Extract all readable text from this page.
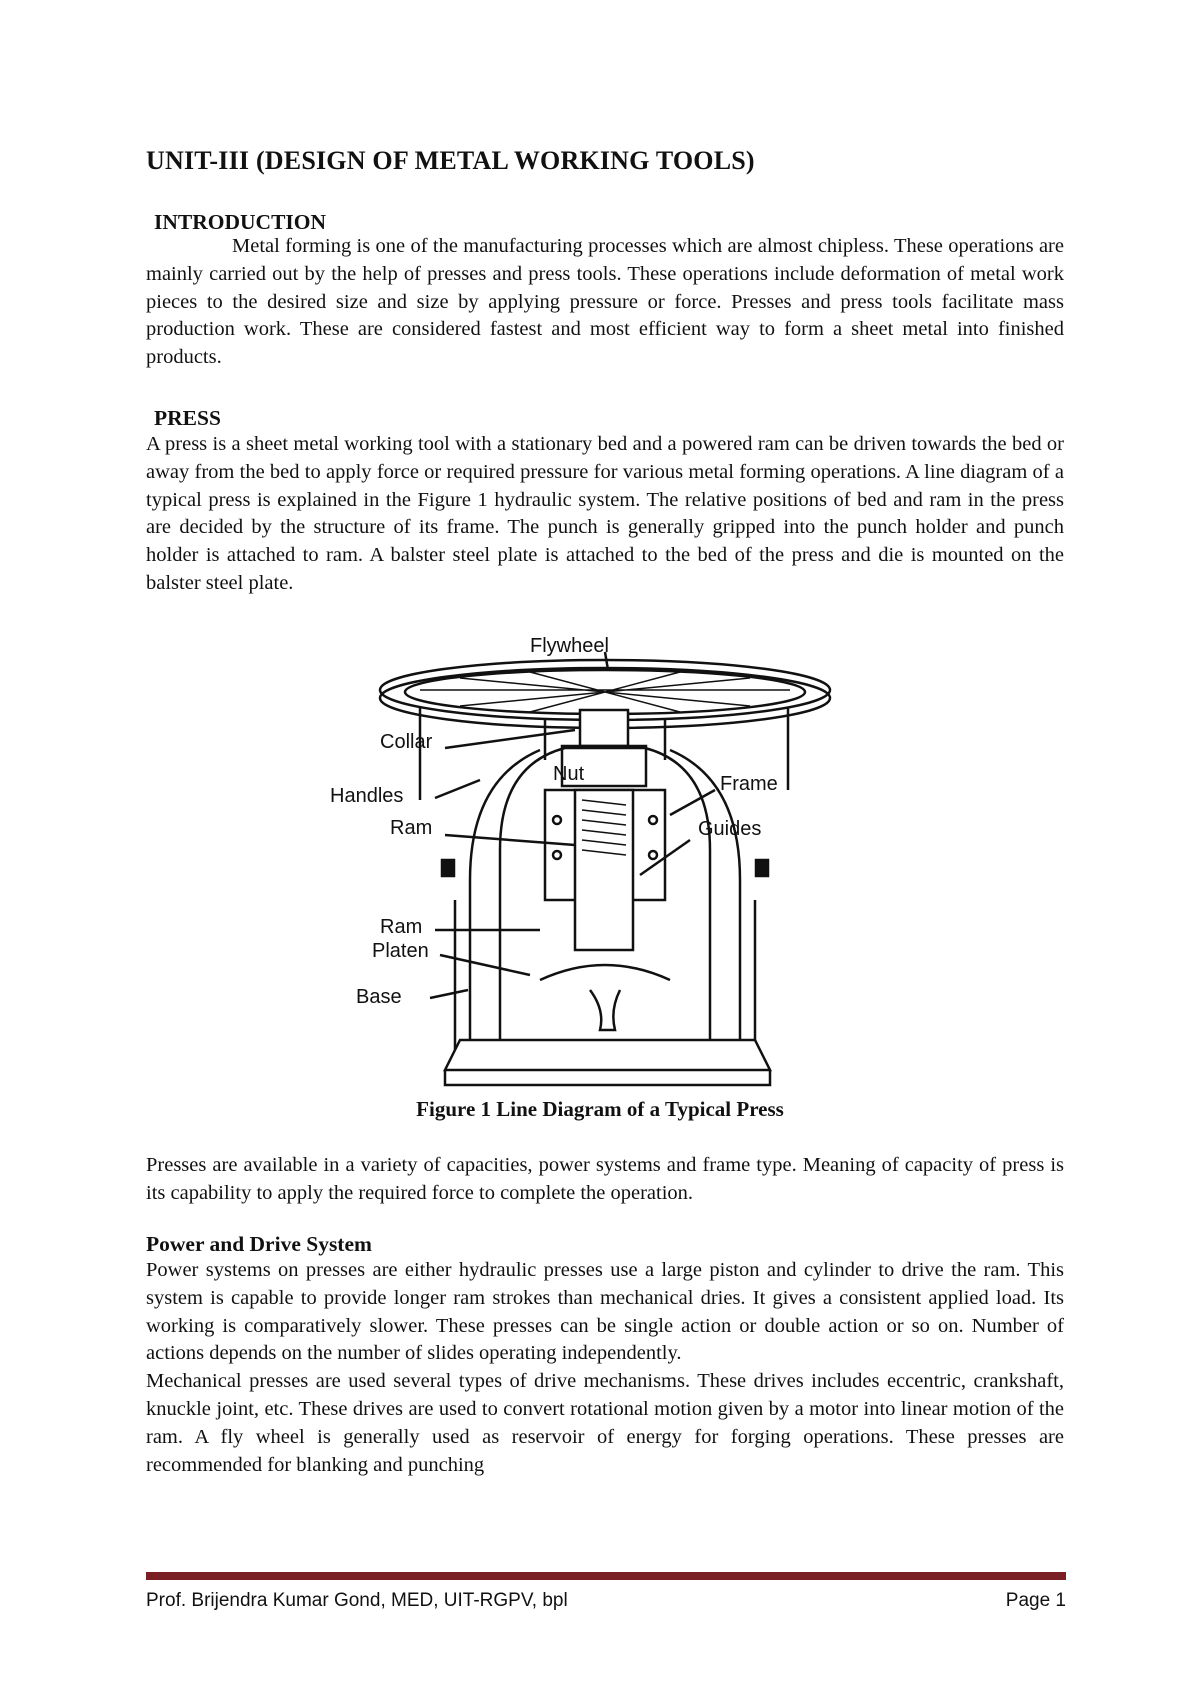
UNIT-III (DESIGN OF METAL WORKING TOOLS)
INTRODUCTION

Metal forming is one of the manufacturing processes which are almost chipless. These operations are mainly carried out by the help of presses and press tools. These operations include deformation of metal work pieces to the desired size and size by applying pressure or force. Presses and press tools facilitate mass production work. These are considered fastest and most efficient way to form a sheet metal into finished products.

PRESS

A press is a sheet metal working tool with a stationary bed and a powered ram can be driven towards the bed or away from the bed to apply force or required pressure for various metal forming operations. A line diagram of a typical press is explained in the Figure 1 hydraulic system. The relative positions of bed and ram in the press are decided by the structure of its frame. The punch is generally gripped into the punch holder and punch holder is attached to ram. A balster steel plate is attached to the bed of the press and die is mounted on the balster steel plate.

Flywheel
Collar
Handles
Nut	Frame
Ram	Guides
Ram
Platen
Base
Figure 1 Line Diagram of a Typical Press

Presses are available in a variety of capacities, power systems and frame type. Meaning of capacity of press is its capability to apply the required force to complete the operation.

Power and Drive System

Power systems on presses are either hydraulic presses use a large piston and cylinder to drive the ram. This system is capable to provide longer ram strokes than mechanical dries. It gives a consistent applied load. Its working is comparatively slower. These presses can be single action or double action or so on. Number of actions depends on the number of slides operating independently.

Mechanical presses are used several types of drive mechanisms. These drives includes eccentric, crankshaft, knuckle joint, etc. These drives are used to convert rotational motion given by a motor into linear motion of the ram. A fly wheel is generally used as reservoir of energy for forging operations. These presses are recommended for blanking and punching

Prof. Brijendra Kumar Gond, MED, UIT-RGPV, bpl	Page 1
